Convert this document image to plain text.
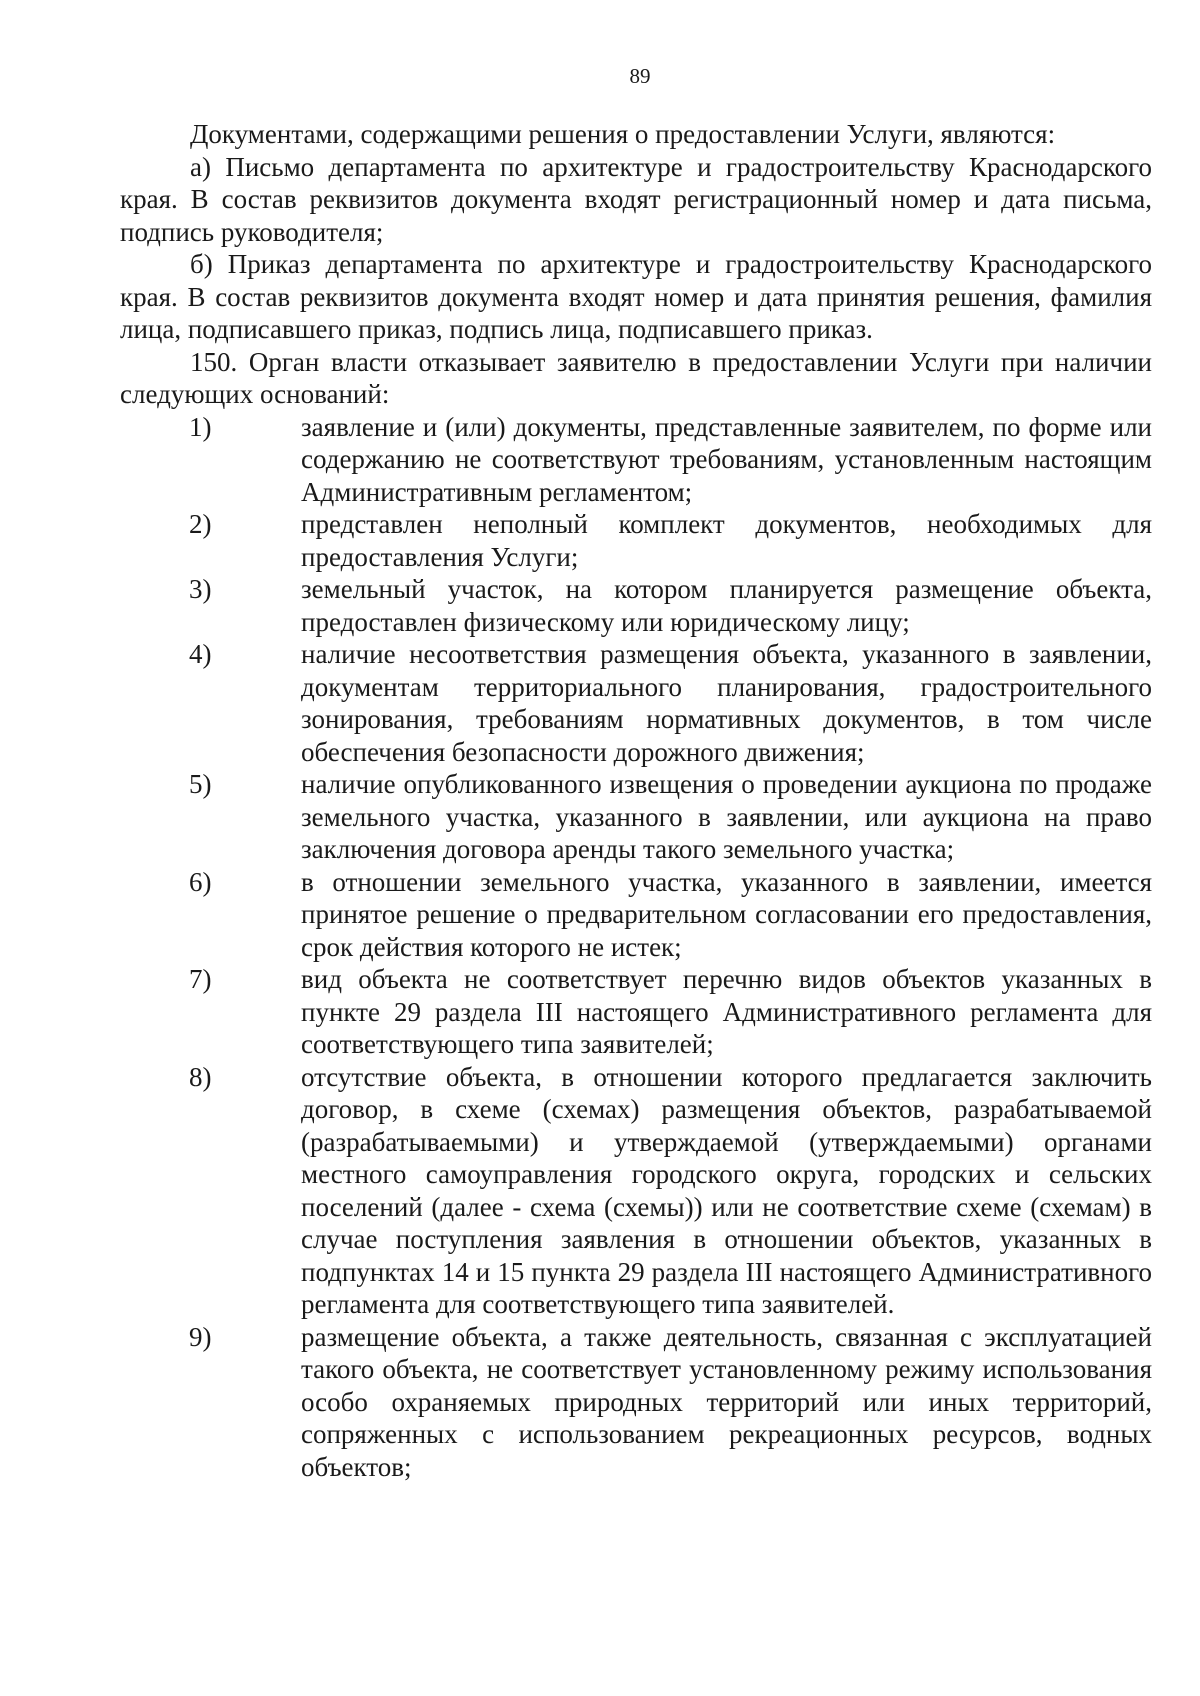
89

Документами, содержащими решения о предоставлении Услуги, являются:

а) Письмо департамента по архитектуре и градостроительству Краснодарского края. В состав реквизитов документа входят регистрационный номер и дата письма, подпись руководителя;

б) Приказ департамента по архитектуре и градостроительству Краснодарского края. В состав реквизитов документа входят номер и дата принятия решения, фамилия лица, подписавшего приказ, подпись лица, подписавшего приказ.

150. Орган власти отказывает заявителю в предоставлении Услуги при наличии следующих оснований:

1)	заявление и (или) документы, представленные заявителем, по форме или содержанию не соответствуют требованиям, установленным настоящим Административным регламентом;
2)	представлен неполный комплект документов, необходимых для предоставления Услуги;
3)	земельный участок, на котором планируется размещение объекта, предоставлен физическому или юридическому лицу;
4)	наличие несоответствия размещения объекта, указанного в заявлении, документам территориального планирования, градостроительного зонирования, требованиям нормативных документов, в том числе обеспечения безопасности дорожного движения;
5)	наличие опубликованного извещения о проведении аукциона по продаже земельного участка, указанного в заявлении, или аукциона на право заключения договора аренды такого земельного участка;
6)	в отношении земельного участка, указанного в заявлении, имеется принятое решение о предварительном согласовании его предоставления, срок действия которого не истек;
7)	вид объекта не соответствует перечню видов объектов указанных в пункте 29 раздела III настоящего Административного регламента для соответствующего типа заявителей;
8)	отсутствие объекта, в отношении которого предлагается заключить договор, в схеме (схемах) размещения объектов, разрабатываемой (разрабатываемыми) и утверждаемой (утверждаемыми) органами местного самоуправления городского округа, городских и сельских поселений (далее - схема (схемы)) или не соответствие схеме (схемам) в случае поступления заявления в отношении объектов, указанных в подпунктах 14 и 15 пункта 29 раздела III настоящего Административного регламента для соответствующего типа заявителей.
9)	размещение объекта, а также деятельность, связанная с эксплуатацией такого объекта, не соответствует установленному режиму использования особо охраняемых природных территорий или иных территорий, сопряженных с использованием рекреационных ресурсов, водных объектов;
